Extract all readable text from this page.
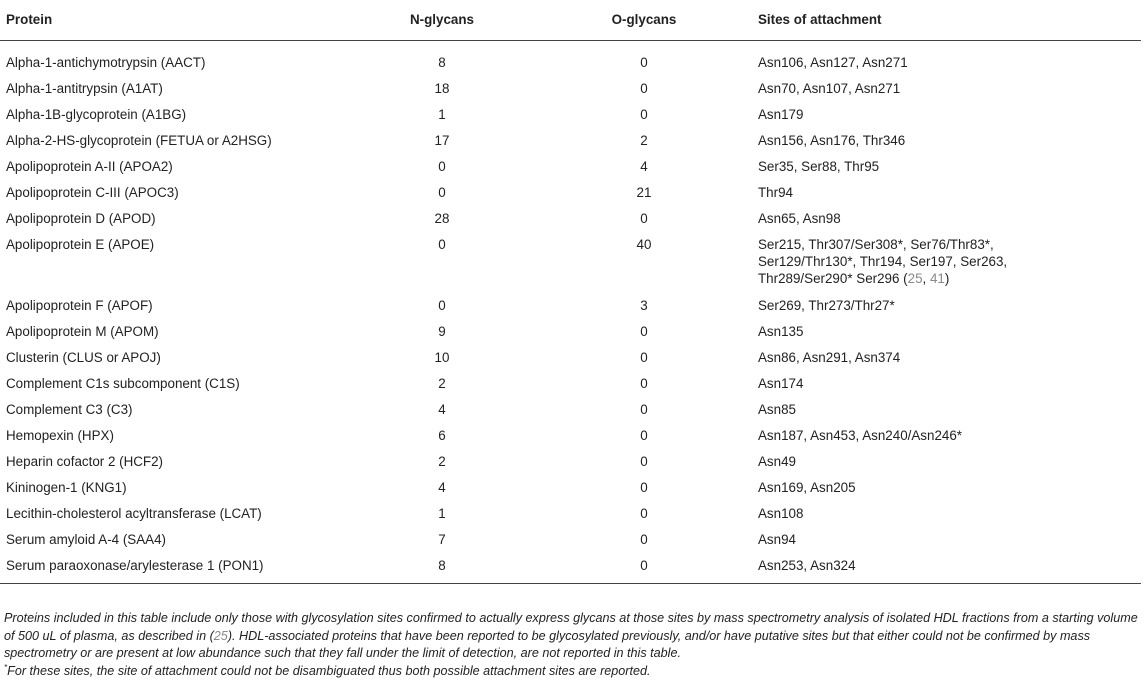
Protein	N-glycans	O-glycans	Sites of attachment
Alpha-1-antichymotrypsin (AACT)	8	0	Asn106, Asn127, Asn271
Alpha-1-antitrypsin (A1AT)	18	0	Asn70, Asn107, Asn271
Alpha-1B-glycoprotein (A1BG)	1	0	Asn179
Alpha-2-HS-glycoprotein (FETUA or A2HSG)	17	2	Asn156, Asn176, Thr346
Apolipoprotein A-II (APOA2)	0	4	Ser35, Ser88, Thr95
Apolipoprotein C-III (APOC3)	0	21	Thr94
Apolipoprotein D (APOD)	28	0	Asn65, Asn98
Apolipoprotein E (APOE)	0	40	Ser215, Thr307/Ser308*, Ser76/Thr83*,
Ser129/Thr130*, Thr194, Ser197, Ser263,
Thr289/Ser290* Ser296 (25, 41)
Apolipoprotein F (APOF)	0	3	Ser269, Thr273/Thr27*
Apolipoprotein M (APOM)	9	0	Asn135
Clusterin (CLUS or APOJ)	10	0	Asn86, Asn291, Asn374
Complement C1s subcomponent (C1S)	2	0	Asn174
Complement C3 (C3)	4	0	Asn85
Hemopexin (HPX)	6	0	Asn187, Asn453, Asn240/Asn246*
Heparin cofactor 2 (HCF2)	2	0	Asn49
Kininogen-1 (KNG1)	4	0	Asn169, Asn205
Lecithin-cholesterol acyltransferase (LCAT)	1	0	Asn108
Serum amyloid A-4 (SAA4)	7	0	Asn94
Serum paraoxonase/arylesterase 1 (PON1)	8	0	Asn253, Asn324

Proteins included in this table include only those with glycosylation sites confirmed to actually express glycans at those sites by mass spectrometry analysis of isolated HDL fractions from a starting volume of 500 uL of plasma, as described in (25). HDL-associated proteins that have been reported to be glycosylated previously, and/or have putative sites but that either could not be confirmed by mass spectrometry or are present at low abundance such that they fall under the limit of detection, are not reported in this table.

*For these sites, the site of attachment could not be disambiguated thus both possible attachment sites are reported.
